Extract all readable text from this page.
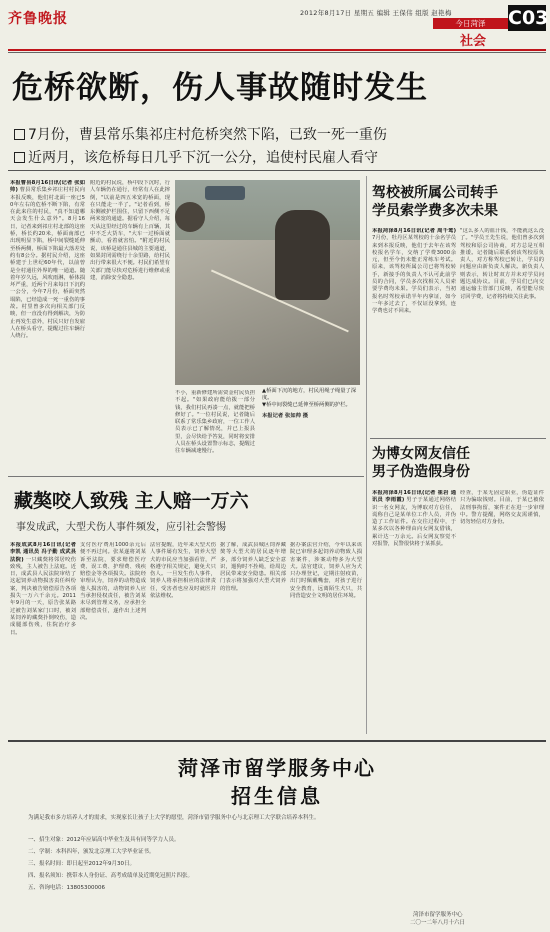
齐鲁晚报	2012年8月17日 星期五 编辑 王保伟 组版 赵艳梅
今日菏泽
社会
C03
危桥欲断，伤人事故随时发生
7月份，曹县常乐集祁庄村危桥突然下陷，已致一死一重伤
近两月，该危桥每日几乎下沉一公分，追使村民雇人看守
本报曹县8月16日讯(记者 张如帅) 曹县常乐集乡祁庄村村民向本报反映，他们村北面一座已50年左右的危桥不断下陷，有常在此来往的村民，"真不知道哪天会发生什么意外"。8月16日，记者来到祁庄村北部的这座桥，桥长约20米，桥面南部已出现明显下陷，桥中间裂缝延伸至桥两侧，桥面下陷最大落差处约有8公分。据村民介绍，这座桥建于上世纪60年代，以前曾是全村通往外界的唯一通道。随着年岁久远，风吹雨淋，桥体损坏严重，近两个月来每日下沉约一公分，今年7月份，桥面突然塌陷，已经造成一死一重伤的事故。村里曾多次向相关部门反映，但一直没有得到解决，为防止再发生意外，村民只好自发雇人在桥头看守，提醒过往车辆行人绕行。
附近的村民说，桥中段下沉时，行人车辆仍在通行，经常有人在此摔倒，"以前是四五米宽的桥面，现在只能走一半了。"记者看到，桥东侧被护栏围住，只留下西侧不足两米宽的通道。据看守人介绍，每天从这里经过的车辆有上百辆，其中不乏大货车，"大车一过桥面就颤动，看着就害怕。"附近的村民说，该桥是通往县城的主要通道，如果封闭需绕行十余里路，给村民出行带来很大不便。村民们希望有关部门能尽快对危桥进行维修或重建，消除安全隐患。
不小，重新修建所需资金村民负担不起。"如果政府能给拨一部分钱，我们村民再凑一点，就能把桥修好了。"一位村民说，记者随后联系了常乐集乡政府，一位工作人员表示已了解情况，并已上报县里，会尽快给予答复，同时将安排人员在桥头设置警示标志，提醒过往车辆减速慢行。
▲桥面下沉的地方，村民用绳子绳量了深度。
▼桥中间裂缝已延伸至桥两侧的护栏。
本报记者 张如帅 摄
驾校被所属公司转手
学员索学费多次未果
本报菏泽8月16日讯(记者 周千鸾) 7月份，牡丹区某驾校的十余名学员来到本报反映，他们于去年在该驾校报名学车，交纳了学费3000余元，但至今仍未能正常练车考试。原来，该驾校所属公司已将驾校转手，新接手的负责人不认可此前学员的合同，学员多次找相关人员索要学费均未果。学员们表示，当初报名时驾校承诺半年内拿证，如今一年多过去了，不仅证没拿到，连学费也讨不回来。
"这么多人的血汗钱，不能就这么没了。"学员王先生说，他们曾多次到驾校和原公司协商，对方总是互相推诿。记者随后联系到该驾校原负责人，对方称驾校已转让，学员的问题应由新负责人解决。新负责人则表示，转让时双方并未对学员问题达成协议。目前，学员们已向交通运输主管部门反映，希望能尽快讨回学费，记者将持续关注此事。
为博女网友信任
男子伪造假身份
本报菏泽8月16日讯(记者 崔岩 通讯员 李雨霞) 男子于某通过网络结识一名女网友，为博取对方信任，谎称自己是某单位工作人员，并伪造了工作证件。在交往过程中，于某多次以各种理由向女网友借钱，累计达一万余元。后女网友察觉不对报警，民警很快将于某抓获。
经查，于某无固定职业，伪造证件只为骗取钱财。目前，于某已被依法刑事拘留，案件正在进一步审理中。警方提醒，网络交友需谨慎，切勿轻信对方身份。
藏獒咬人致残 主人赔一万六
事发成武，大型犬伤人事件频发，应引社会警惕
本报成武8月16日讯(记者 李凯 通讯员 冯子勤 成武县法院) 一只藏獒将邻居咬伤致残，主人被告上法庭。近日，成武县人民法院审结了这起饲养动物损害责任纠纷案，判决被告赔偿原告各项损失一万六千余元。2011年9月的一天，原告张某路过被告刘某家门口时，被刘某饲养的藏獒扑倒咬伤，造成腿部伤残，住院治疗多日。
支付医疗费用1000余元后便不再过问。张某遂将刘某诉至法院，要求赔偿医疗费、误工费、护理费、残疾赔偿金等各项损失。法院经审理认为，饲养的动物造成他人损害的，动物饲养人应当承担侵权责任，被告刘某未尽到管理义务，应承担全部赔偿责任，遂作出上述判决。
法官提醒，近年来大型犬伤人事件屡有发生，饲养大型犬的市民应当加强看管，严格遵守相关规定，避免犬只伤人。一旦发生伤人事件，饲养人将承担相应的法律责任，受害者也应及时就医并依法维权。
据了解，成武县城区饲养藏獒等大型犬的居民逐年增多，部分饲养人缺乏安全意识，遛狗时不拴绳，给周边居民带来安全隐患。相关部门表示将加强对大型犬饲养的管理。
据办案法官介绍，今年以来该院已审理多起饲养动物致人损害案件，涉案动物多为大型犬。法官建议，饲养人应为犬只办理登记，定期注射疫苗，出门时佩戴嘴套，对孩子进行安全教育，远离陌生犬只，共同营造安全文明的居住环境。
菏泽市留学服务中心
招生信息
为满足我市多方培养人才的需求，实现家长让孩子上大学的愿望，菏泽市留学服务中心与北京理工大学联合培养本科生。
一、招生对象：2012年应届高中毕业生及具有同等学力人员。
二、学制：本科四年，颁发北京理工大学毕业证书。
三、报名时间：即日起至2012年9月30日。
四、报名须知：携带本人身份证、高考成绩单及近期免冠照片四张。
五、咨询电话：13805300006
菏泽市留学服务中心
二〇一二年八月十六日
